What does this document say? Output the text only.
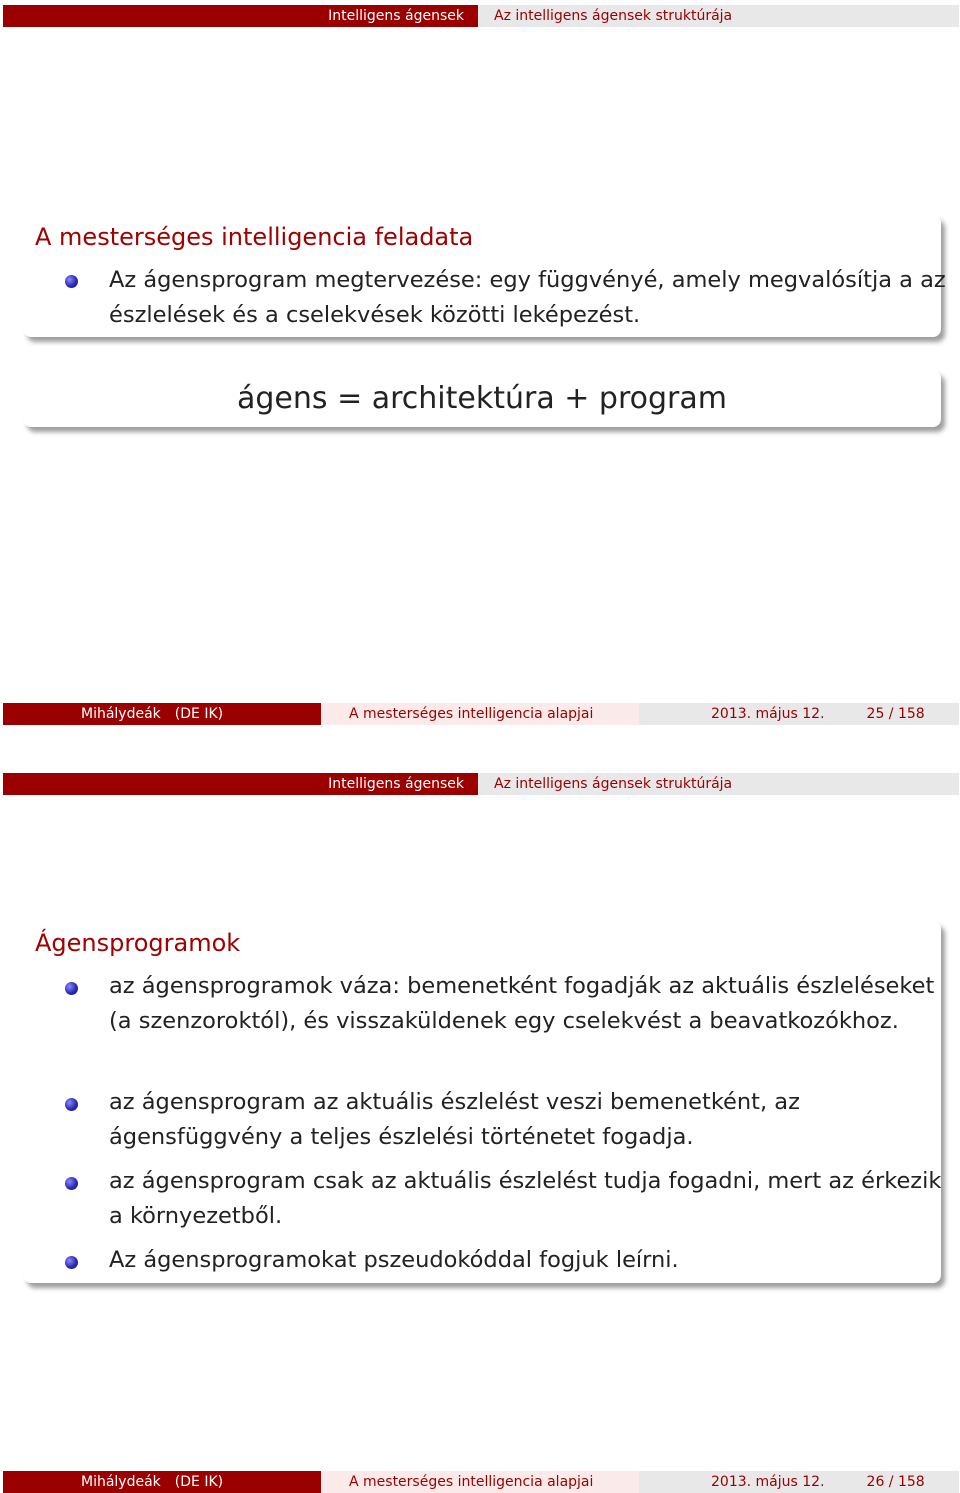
Intelligens ágensek Az intelligens ágensek struktúrája
A mesterséges intelligencia feladata
Az ágensprogram megtervezése: egy függvényé, amely megvalósítja a az észlelések és a cselekvések közötti leképezést.
ágens = architektúra + program
Mihálydeák (DE IK)	A mesterséges intelligencia alapjai	2013. május 12.	25 / 158
Intelligens ágensek Az intelligens ágensek struktúrája
Ágensprogramok
az ágensprogramok váza: bemenetként fogadják az aktuális észleléseket (a szenzoroktól), és visszaküldenek egy cselekvést a beavatkozókhoz.
az ágensprogram az aktuális észlelést veszi bemenetként, az ágensfüggvény a teljes észlelési történetet fogadja.
az ágensprogram csak az aktuális észlelést tudja fogadni, mert az érkezik a környezetből.
Az ágensprogramokat pszeudokóddal fogjuk leírni.
Mihálydeák (DE IK)	A mesterséges intelligencia alapjai	2013. május 12.	26 / 158
